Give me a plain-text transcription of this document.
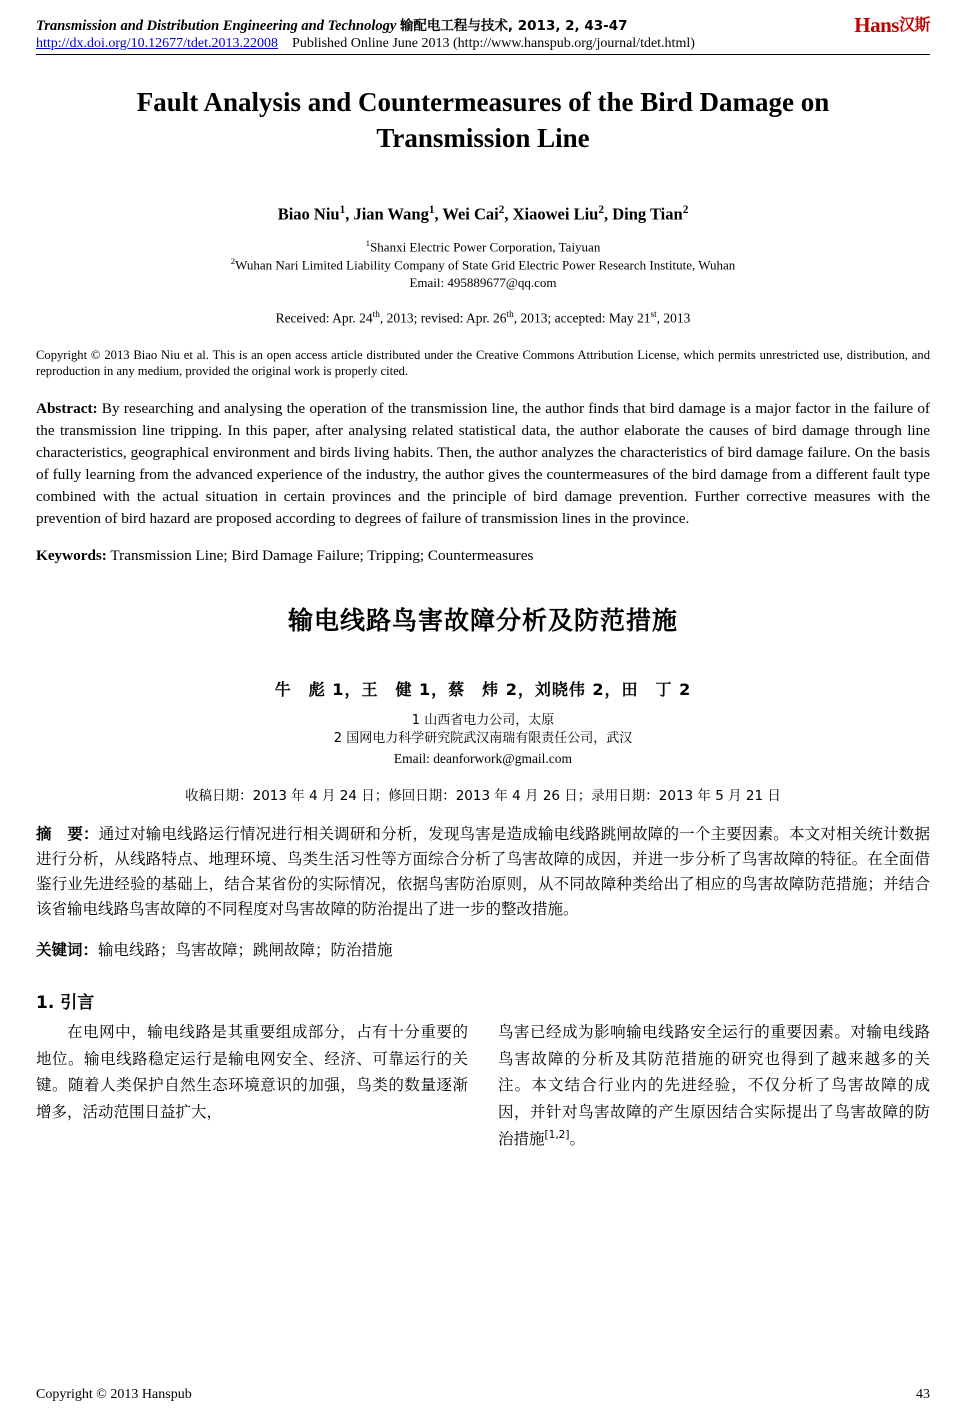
Transmission and Distribution Engineering and Technology 输配电工程与技术, 2013, 2, 43-47
http://dx.doi.org/10.12677/tdet.2013.22008 Published Online June 2013 (http://www.hanspub.org/journal/tdet.html)
Hans汉斯
Fault Analysis and Countermeasures of the Bird Damage on Transmission Line
Biao Niu$^1$, Jian Wang$^1$, Wei Cai$^2$, Xiaowei Liu$^2$, Ding Tian$^2$
$^1$Shanxi Electric Power Corporation, Taiyuan
$^2$Wuhan Nari Limited Liability Company of State Grid Electric Power Research Institute, Wuhan
Email: 495889677@qq.com
Received: Apr. 24th, 2013; revised: Apr. 26th, 2013; accepted: May 21st, 2013
Copyright © 2013 Biao Niu et al. This is an open access article distributed under the Creative Commons Attribution License, which permits unrestricted use, distribution, and reproduction in any medium, provided the original work is properly cited.
Abstract: By researching and analysing the operation of the transmission line, the author finds that bird damage is a major factor in the failure of the transmission line tripping. In this paper, after analysing related statistical data, the author elaborate the causes of bird damage through line characteristics, geographical environment and birds living habits. Then, the author analyzes the characteristics of bird damage failure. On the basis of fully learning from the advanced experience of the industry, the author gives the countermeasures of the bird damage from a different fault type combined with the actual situation in certain provinces and the principle of bird damage prevention. Further corrective measures with the prevention of bird hazard are proposed according to degrees of failure of transmission lines in the province.
Keywords: Transmission Line; Bird Damage Failure; Tripping; Countermeasures
输电线路鸟害故障分析及防范措施
牛　彪 1，王　健 1，蔡　炜 2，刘晓伟 2，田　丁 2
1 山西省电力公司，太原
2 国网电力科学研究院武汉南瑞有限责任公司，武汉
Email: deanforwork@gmail.com
收稿日期：2013 年 4 月 24 日；修回日期：2013 年 4 月 26 日；录用日期：2013 年 5 月 21 日
摘　要：通过对输电线路运行情况进行相关调研和分析，发现鸟害是造成输电线路跳闸故障的一个主要因素。本文对相关统计数据进行分析，从线路特点、地理环境、鸟类生活习性等方面综合分析了鸟害故障的成因，并进一步分析了鸟害故障的特征。在全面借鉴行业先进经验的基础上，结合某省份的实际情况，依据鸟害防治原则，从不同故障种类给出了相应的鸟害故障防范措施；并结合该省输电线路鸟害故障的不同程度对鸟害故障的防治提出了进一步的整改措施。
关键词：输电线路；鸟害故障；跳闸故障；防治措施
1. 引言

在电网中，输电线路是其重要组成部分，占有十分重要的地位。输电线路稳定运行是输电网安全、经济、可靠运行的关键。随着人类保护自然生态环境意识的加强，鸟类的数量逐渐增多，活动范围日益扩大，

鸟害已经成为影响输电线路安全运行的重要因素。对输电线路鸟害故障的分析及其防范措施的研究也得到了越来越多的关注。本文结合行业内的先进经验，不仅分析了鸟害故障的成因，并针对鸟害故障的产生原因结合实际提出了鸟害故障的防治措施[1,2]。

Copyright © 2013 Hanspub	43
